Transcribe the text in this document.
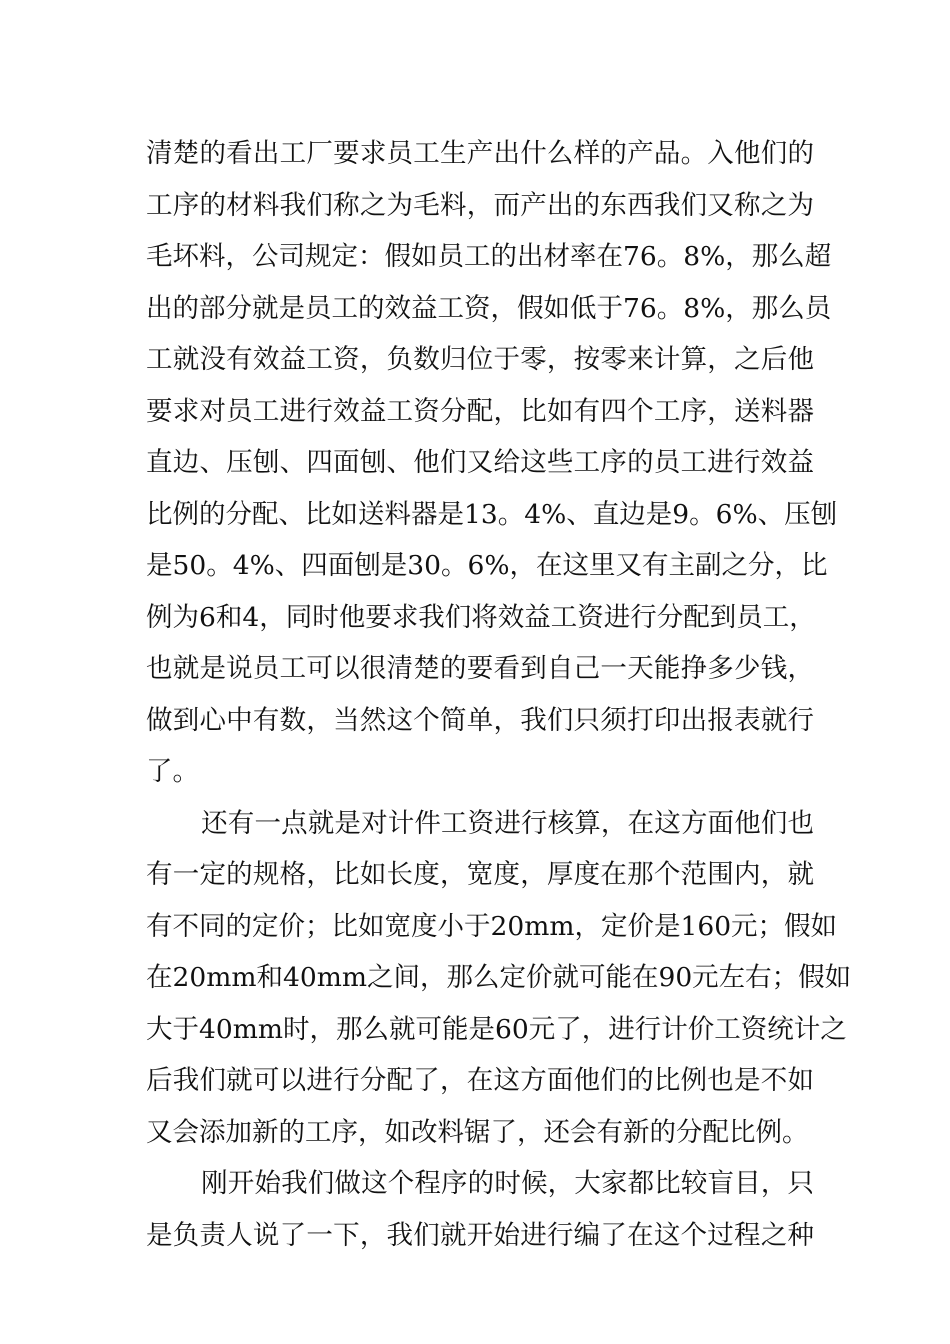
清楚的看出工厂要求员工生产出什么样的产品。入他们的
工序的材料我们称之为毛料，而产出的东西我们又称之为
毛坏料，公司规定：假如员工的出材率在76。8%，那么超
出的部分就是员工的效益工资，假如低于76。8%，那么员
工就没有效益工资，负数归位于零，按零来计算，之后他
要求对员工进行效益工资分配，比如有四个工序，送料器
直边、压刨、四面刨、他们又给这些工序的员工进行效益
比例的分配、比如送料器是13。4%、直边是9。6%、压刨
是50。4%、四面刨是30。6%，在这里又有主副之分，比
例为6和4，同时他要求我们将效益工资进行分配到员工，
也就是说员工可以很清楚的要看到自己一天能挣多少钱，
做到心中有数，当然这个简单，我们只须打印出报表就行
了。
还有一点就是对计件工资进行核算，在这方面他们也
有一定的规格，比如长度，宽度，厚度在那个范围内，就
有不同的定价；比如宽度小于20mm，定价是160元；假如
在20mm和40mm之间，那么定价就可能在90元左右；假如
大于40mm时，那么就可能是60元了，进行计价工资统计之
后我们就可以进行分配了，在这方面他们的比例也是不如
又会添加新的工序，如改料锯了，还会有新的分配比例。
刚开始我们做这个程序的时候，大家都比较盲目，只
是负责人说了一下，我们就开始进行编了在这个过程之种
